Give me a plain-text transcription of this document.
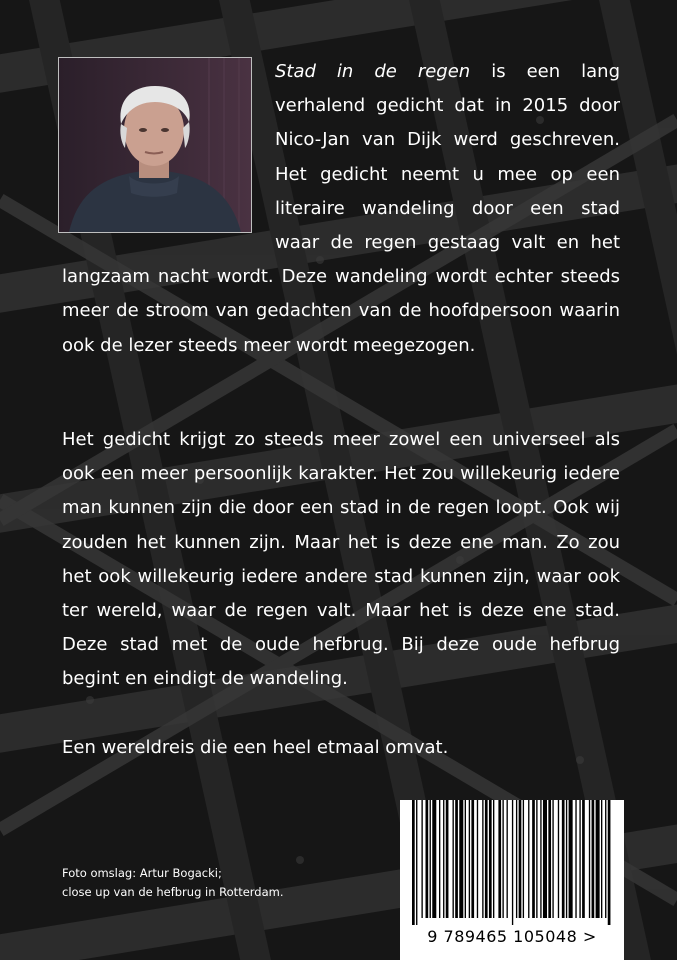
Stad in de regen is een lang verhalend gedicht dat in 2015 door Nico-Jan van Dijk werd geschreven. Het gedicht neemt u mee op een literaire wandeling door een stad waar de regen gestaag valt en het langzaam nacht wordt. Deze wandeling wordt echter steeds meer de stroom van gedachten van de hoofdpersoon waarin ook de lezer steeds meer wordt meegezogen.
Het gedicht krijgt zo steeds meer zowel een universeel als ook een meer persoonlijk karakter. Het zou willekeurig iedere man kunnen zijn die door een stad in de regen loopt. Ook wij zouden het kunnen zijn. Maar het is deze ene man. Zo zou het ook willekeurig iedere andere stad kunnen zijn, waar ook ter wereld, waar de regen valt. Maar het is deze ene stad. Deze stad met de oude hefbrug. Bij deze oude hefbrug begint en eindigt de wandeling.
Een wereldreis die een heel etmaal omvat.
Foto omslag: Artur Bogacki;
close up van de hefbrug in Rotterdam.
9 789465 105048 >
